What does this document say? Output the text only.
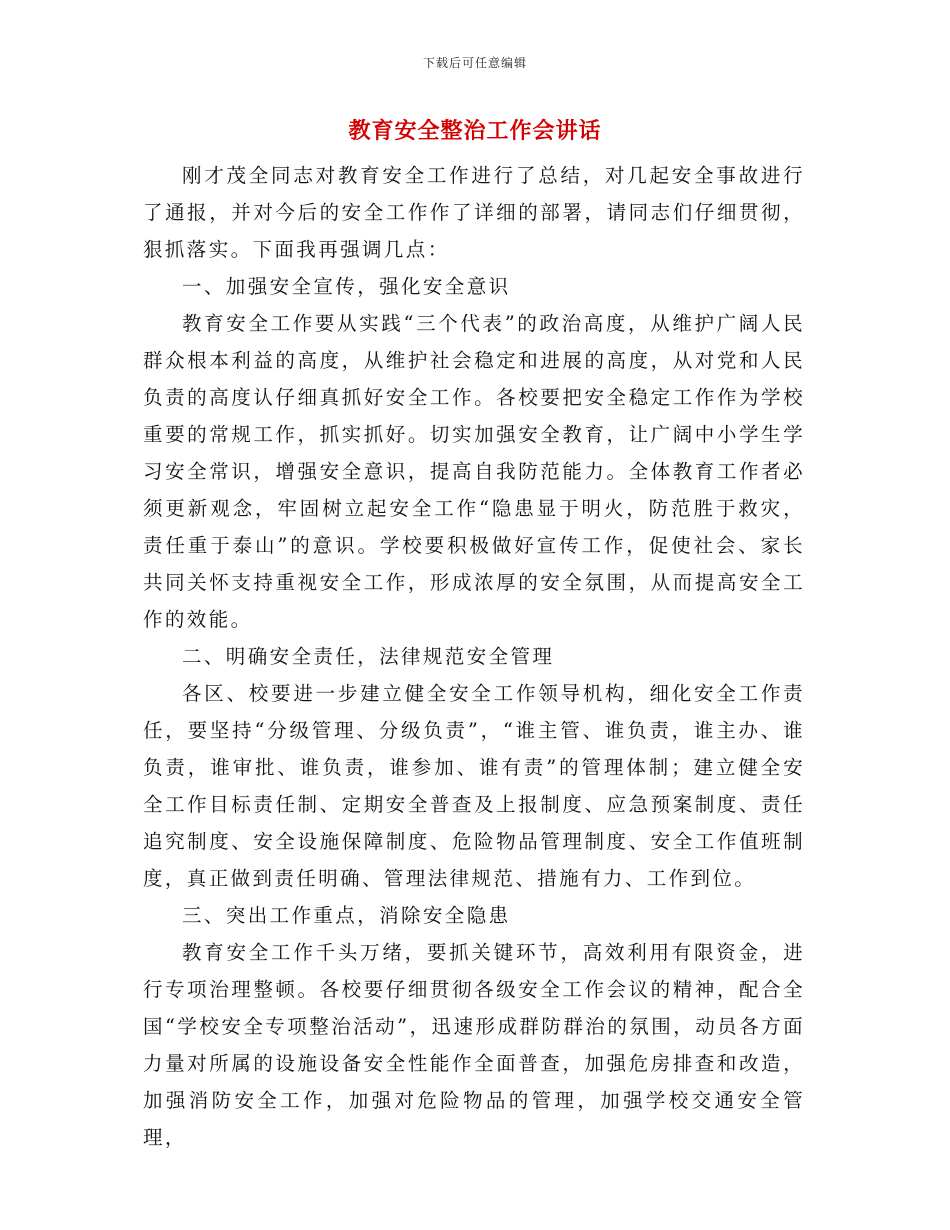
下载后可任意编辑
教育安全整治工作会讲话

刚才茂全同志对教育安全工作进行了总结，对几起安全事故进行了通报，并对今后的安全工作作了详细的部署，请同志们仔细贯彻，狠抓落实。下面我再强调几点：

一、加强安全宣传，强化安全意识

教育安全工作要从实践“三个代表”的政治高度，从维护广阔人民群众根本利益的高度，从维护社会稳定和进展的高度，从对党和人民负责的高度认仔细真抓好安全工作。各校要把安全稳定工作作为学校重要的常规工作，抓实抓好。切实加强安全教育，让广阔中小学生学习安全常识，增强安全意识，提高自我防范能力。全体教育工作者必须更新观念，牢固树立起安全工作“隐患显于明火，防范胜于救灾，责任重于泰山”的意识。学校要积极做好宣传工作，促使社会、家长共同关怀支持重视安全工作，形成浓厚的安全氛围，从而提高安全工作的效能。

二、明确安全责任，法律规范安全管理

各区、校要进一步建立健全安全工作领导机构，细化安全工作责任，要坚持“分级管理、分级负责”，“谁主管、谁负责，谁主办、谁负责，谁审批、谁负责，谁参加、谁有责”的管理体制；建立健全安全工作目标责任制、定期安全普查及上报制度、应急预案制度、责任追究制度、安全设施保障制度、危险物品管理制度、安全工作值班制度，真正做到责任明确、管理法律规范、措施有力、工作到位。

三、突出工作重点，消除安全隐患

教育安全工作千头万绪，要抓关键环节，高效利用有限资金，进行专项治理整顿。各校要仔细贯彻各级安全工作会议的精神，配合全国“学校安全专项整治活动”，迅速形成群防群治的氛围，动员各方面力量对所属的设施设备安全性能作全面普查，加强危房排查和改造，加强消防安全工作，加强对危险物品的管理，加强学校交通安全管理，
